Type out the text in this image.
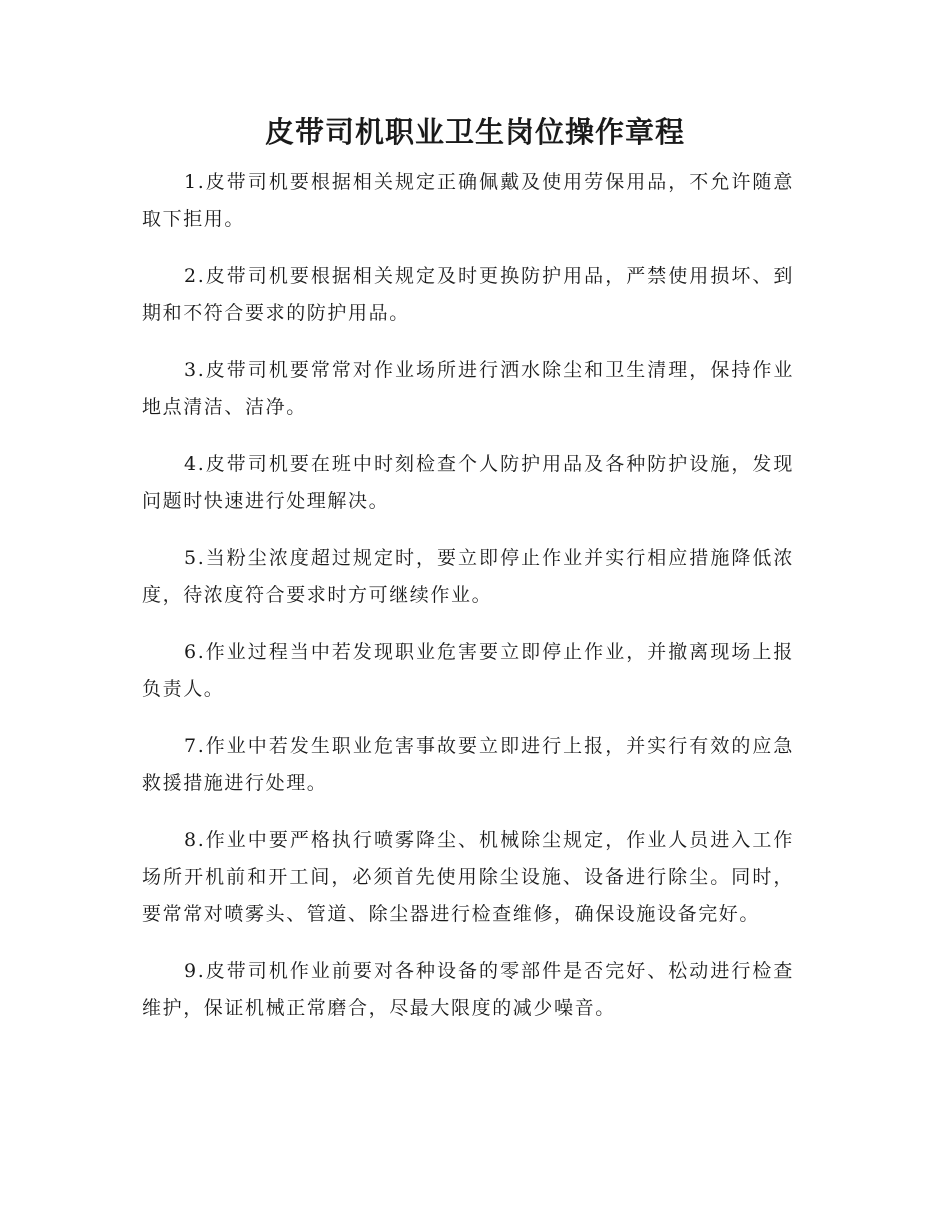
皮带司机职业卫生岗位操作章程

1.皮带司机要根据相关规定正确佩戴及使用劳保用品，不允许随意取下拒用。

2.皮带司机要根据相关规定及时更换防护用品，严禁使用损坏、到期和不符合要求的防护用品。

3.皮带司机要常常对作业场所进行洒水除尘和卫生清理，保持作业地点清洁、洁净。

4.皮带司机要在班中时刻检查个人防护用品及各种防护设施，发现问题时快速进行处理解决。

5.当粉尘浓度超过规定时，要立即停止作业并实行相应措施降低浓度，待浓度符合要求时方可继续作业。

6.作业过程当中若发现职业危害要立即停止作业，并撤离现场上报负责人。

7.作业中若发生职业危害事故要立即进行上报，并实行有效的应急救援措施进行处理。

8.作业中要严格执行喷雾降尘、机械除尘规定，作业人员进入工作场所开机前和开工间，必须首先使用除尘设施、设备进行除尘。同时，要常常对喷雾头、管道、除尘器进行检查维修，确保设施设备完好。

9.皮带司机作业前要对各种设备的零部件是否完好、松动进行检查维护，保证机械正常磨合，尽最大限度的减少噪音。
